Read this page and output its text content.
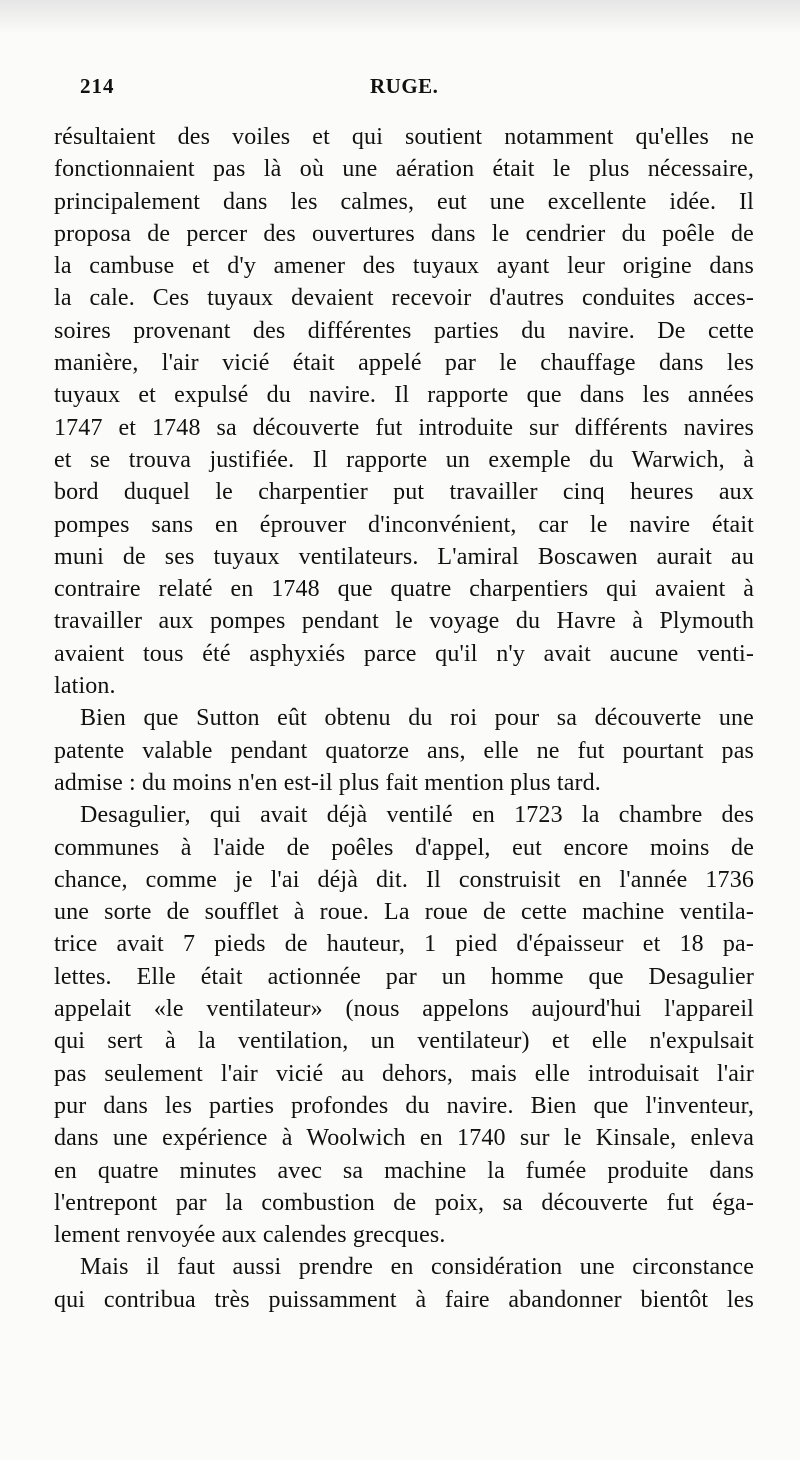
214	RUGE.
résultaient des voiles et qui soutient notamment qu'elles ne
fonctionnaient pas là où une aération était le plus nécessaire,
principalement dans les calmes, eut une excellente idée. Il
proposa de percer des ouvertures dans le cendrier du poêle de
la cambuse et d'y amener des tuyaux ayant leur origine dans
la cale. Ces tuyaux devaient recevoir d'autres conduites acces-
soires provenant des différentes parties du navire. De cette
manière, l'air vicié était appelé par le chauffage dans les
tuyaux et expulsé du navire. Il rapporte que dans les années
1747 et 1748 sa découverte fut introduite sur différents navires
et se trouva justifiée. Il rapporte un exemple du Warwich, à
bord duquel le charpentier put travailler cinq heures aux
pompes sans en éprouver d'inconvénient, car le navire était
muni de ses tuyaux ventilateurs. L'amiral Boscawen aurait au
contraire relaté en 1748 que quatre charpentiers qui avaient à
travailler aux pompes pendant le voyage du Havre à Plymouth
avaient tous été asphyxiés parce qu'il n'y avait aucune venti-
lation.
Bien que Sutton eût obtenu du roi pour sa découverte une
patente valable pendant quatorze ans, elle ne fut pourtant pas
admise : du moins n'en est-il plus fait mention plus tard.
Desagulier, qui avait déjà ventilé en 1723 la chambre des
communes à l'aide de poêles d'appel, eut encore moins de
chance, comme je l'ai déjà dit. Il construisit en l'année 1736
une sorte de soufflet à roue. La roue de cette machine ventila-
trice avait 7 pieds de hauteur, 1 pied d'épaisseur et 18 pa-
lettes. Elle était actionnée par un homme que Desagulier
appelait «le ventilateur» (nous appelons aujourd'hui l'appareil
qui sert à la ventilation, un ventilateur) et elle n'expulsait
pas seulement l'air vicié au dehors, mais elle introduisait l'air
pur dans les parties profondes du navire. Bien que l'inventeur,
dans une expérience à Woolwich en 1740 sur le Kinsale, enleva
en quatre minutes avec sa machine la fumée produite dans
l'entrepont par la combustion de poix, sa découverte fut éga-
lement renvoyée aux calendes grecques.
Mais il faut aussi prendre en considération une circonstance
qui contribua très puissamment à faire abandonner bientôt les
